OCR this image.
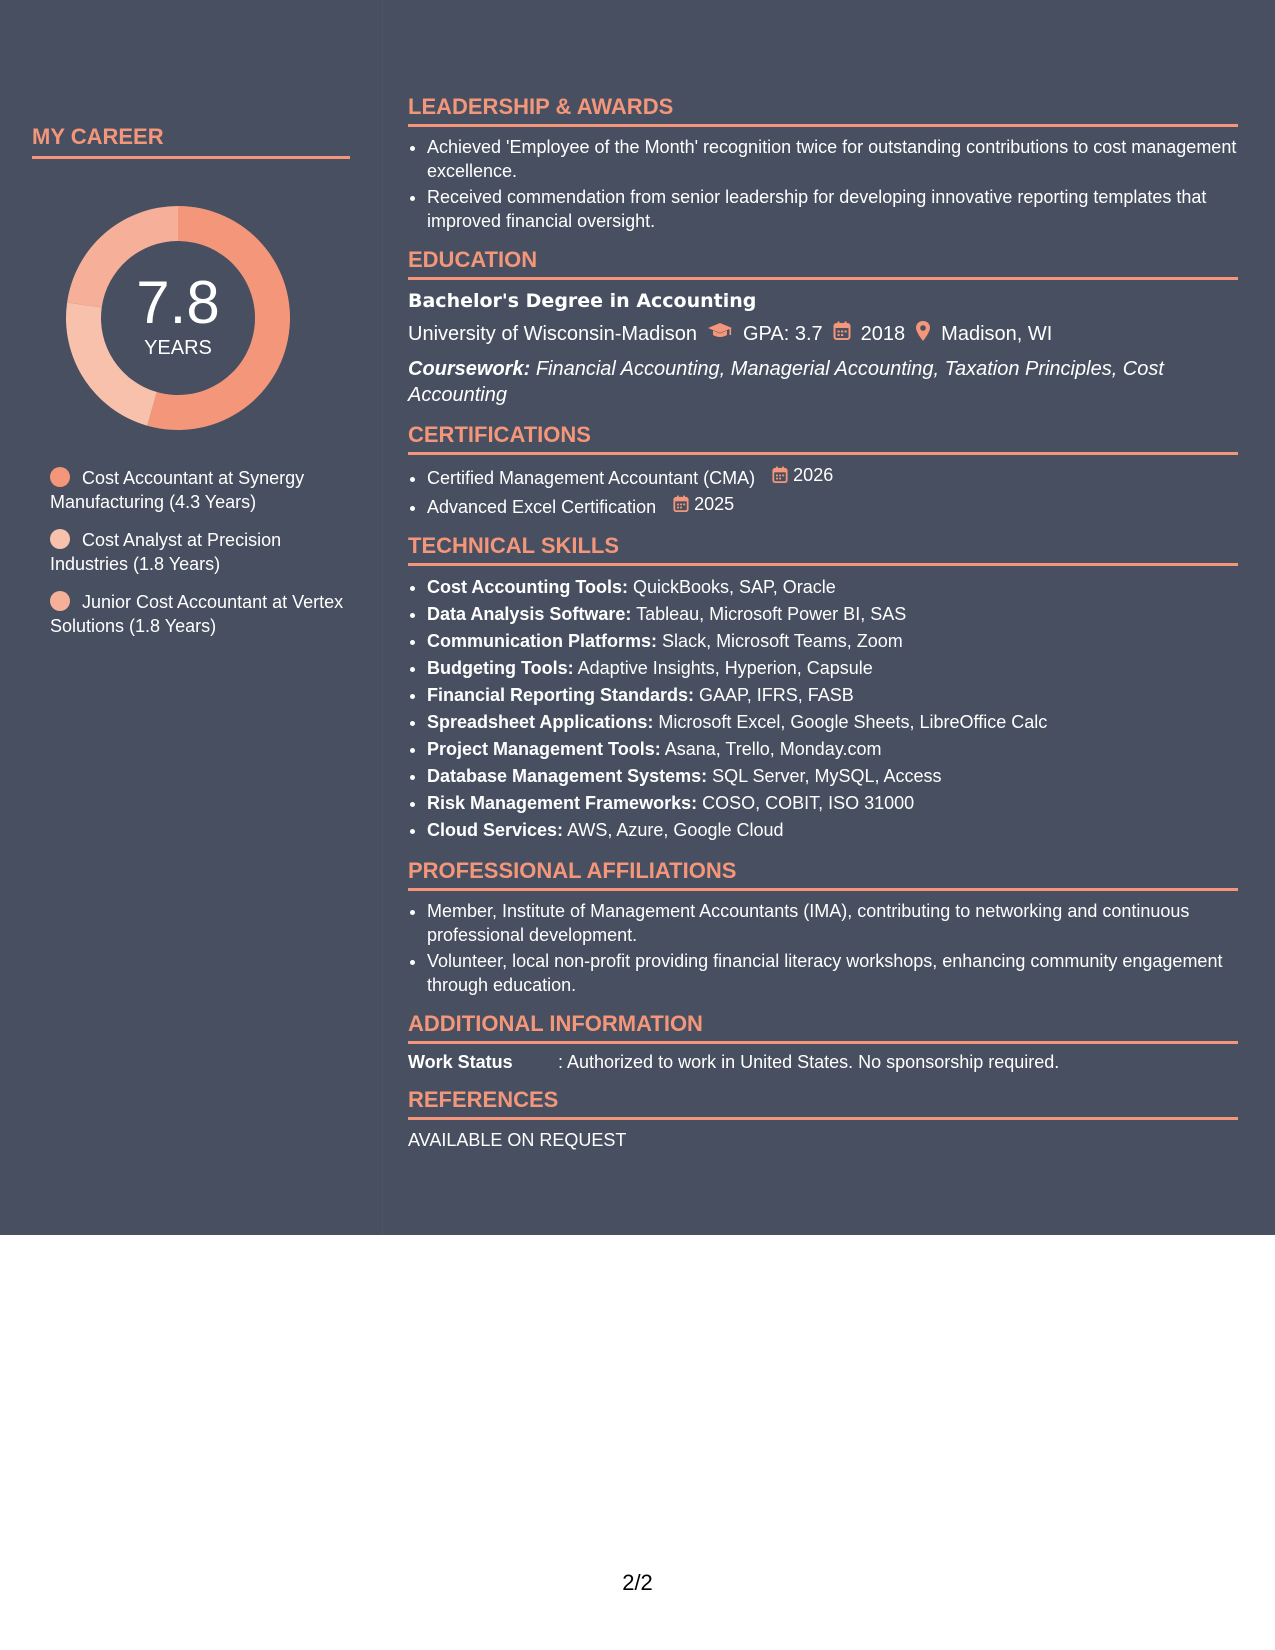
MY CAREER
7.8
YEARS
Cost Accountant at Synergy Manufacturing (4.3 Years)
Cost Analyst at Precision Industries (1.8 Years)
Junior Cost Accountant at Vertex Solutions (1.8 Years)
LEADERSHIP & AWARDS
• Achieved 'Employee of the Month' recognition twice for outstanding contributions to cost management excellence.
• Received commendation from senior leadership for developing innovative reporting templates that improved financial oversight.
EDUCATION
Bachelor's Degree in Accounting
University of Wisconsin-Madison GPA: 3.7 2018 Madison, WI
Coursework: Financial Accounting, Managerial Accounting, Taxation Principles, Cost Accounting
CERTIFICATIONS
• Certified Management Accountant (CMA) 2026
• Advanced Excel Certification 2025
TECHNICAL SKILLS
• Cost Accounting Tools: QuickBooks, SAP, Oracle
• Data Analysis Software: Tableau, Microsoft Power BI, SAS
• Communication Platforms: Slack, Microsoft Teams, Zoom
• Budgeting Tools: Adaptive Insights, Hyperion, Capsule
• Financial Reporting Standards: GAAP, IFRS, FASB
• Spreadsheet Applications: Microsoft Excel, Google Sheets, LibreOffice Calc
• Project Management Tools: Asana, Trello, Monday.com
• Database Management Systems: SQL Server, MySQL, Access
• Risk Management Frameworks: COSO, COBIT, ISO 31000
• Cloud Services: AWS, Azure, Google Cloud
PROFESSIONAL AFFILIATIONS
• Member, Institute of Management Accountants (IMA), contributing to networking and continuous professional development.
• Volunteer, local non-profit providing financial literacy workshops, enhancing community engagement through education.
ADDITIONAL INFORMATION
Work Status	: Authorized to work in United States. No sponsorship required.
REFERENCES
AVAILABLE ON REQUEST
2/2
